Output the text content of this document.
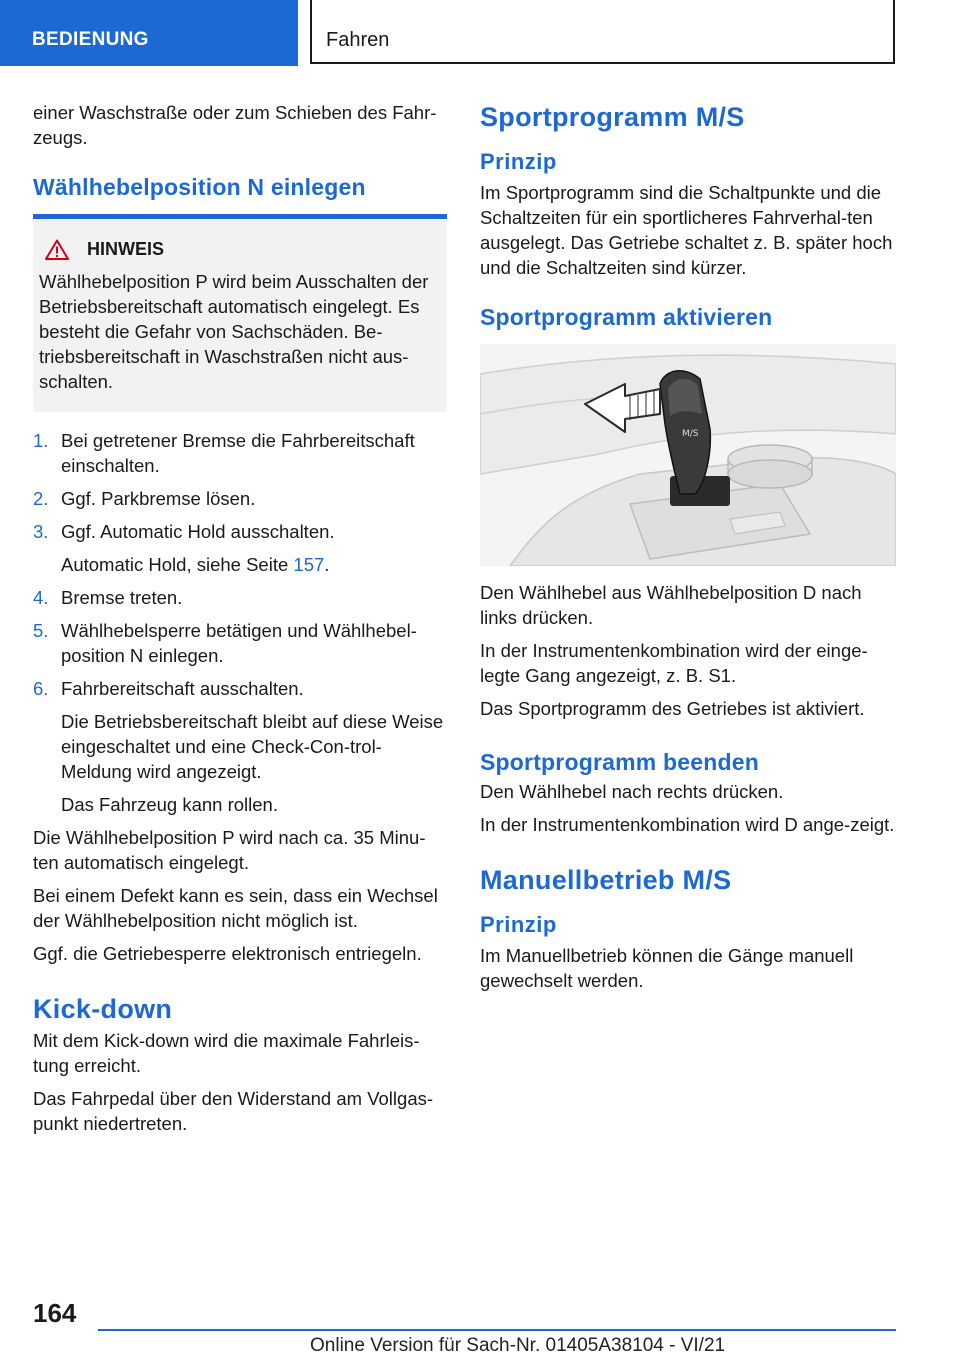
BEDIENUNG	Fahren

einer Waschstraße oder zum Schieben des Fahr-zeugs.

Wählhebelposition N einlegen
HINWEIS

Wählhebelposition P wird beim Ausschalten der Betriebsbereitschaft automatisch eingelegt. Es besteht die Gefahr von Sachschäden. Be-triebsbereitschaft in Waschstraßen nicht aus-schalten.

1. Bei getretener Bremse die Fahrbereitschaft einschalten.
2. Ggf. Parkbremse lösen.
3. Ggf. Automatic Hold ausschalten.

Automatic Hold, siehe Seite 157.

4. Bremse treten.
5. Wählhebelsperre betätigen und Wählhebel-position N einlegen.
6. Fahrbereitschaft ausschalten.

Die Betriebsbereitschaft bleibt auf diese Weise eingeschaltet und eine Check-Con-trol-Meldung wird angezeigt.

Das Fahrzeug kann rollen.

Die Wählhebelposition P wird nach ca. 35 Minu-ten automatisch eingelegt.

Bei einem Defekt kann es sein, dass ein Wechsel der Wählhebelposition nicht möglich ist.

Ggf. die Getriebesperre elektronisch entriegeln.

Kick-down

Mit dem Kick-down wird die maximale Fahrleis-tung erreicht.

Das Fahrpedal über den Widerstand am Vollgas-punkt niedertreten.

Sportprogramm M/S
Prinzip

Im Sportprogramm sind die Schaltpunkte und die Schaltzeiten für ein sportlicheres Fahrverhal-ten ausgelegt. Das Getriebe schaltet z. B. später hoch und die Schaltzeiten sind kürzer.

Sportprogramm aktivieren
M/S

Den Wählhebel aus Wählhebelposition D nach links drücken.

In der Instrumentenkombination wird der einge-legte Gang angezeigt, z. B. S1.

Das Sportprogramm des Getriebes ist aktiviert.

Sportprogramm beenden

Den Wählhebel nach rechts drücken.

In der Instrumentenkombination wird D ange-zeigt.

Manuellbetrieb M/S
Prinzip

Im Manuellbetrieb können die Gänge manuell gewechselt werden.

164
Online Version für Sach-Nr. 01405A38104 - VI/21
